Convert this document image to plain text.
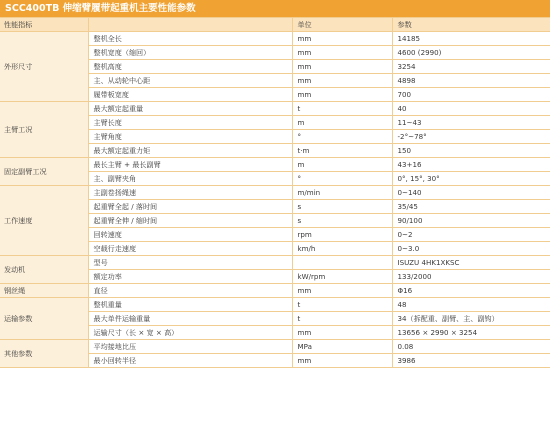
SCC400TB 伸缩臂履带起重机主要性能参数
性能指标		单位	参数
外形尺寸	整机全长	mm	14185
	整机宽度（缩回）	mm	4600 (2990)
	整机高度	mm	3254
	主、从动轮中心距	mm	4898
	履带板宽度	mm	700
主臂工况	最大额定起重量	t	40
	主臂长度	m	11~43
	主臂角度	°	-2°~78°
	最大额定起重力矩	t·m	150
固定副臂工况	最长主臂 + 最长副臂	m	43+16
	主、副臂夹角	°	0°, 15°, 30°
工作速度	主副卷扬绳速	m/min	0~140
	起重臂全起 / 落时间	s	35/45
	起重臂全伸 / 缩时间	s	90/100
	回转速度	rpm	0~2
	空载行走速度	km/h	0~3.0
发动机	型号		ISUZU 4HK1XKSC
	额定功率	kW/rpm	133/2000
钢丝绳	直径	mm	Φ16
运输参数	整机重量	t	48
	最大单件运输重量	t	34（拆配重、副臂、主、副钩）
	运输尺寸（长 × 宽 × 高）	mm	13656 × 2990 × 3254
其他参数	平均接地比压	MPa	0.08
	最小回转半径	mm	3986
